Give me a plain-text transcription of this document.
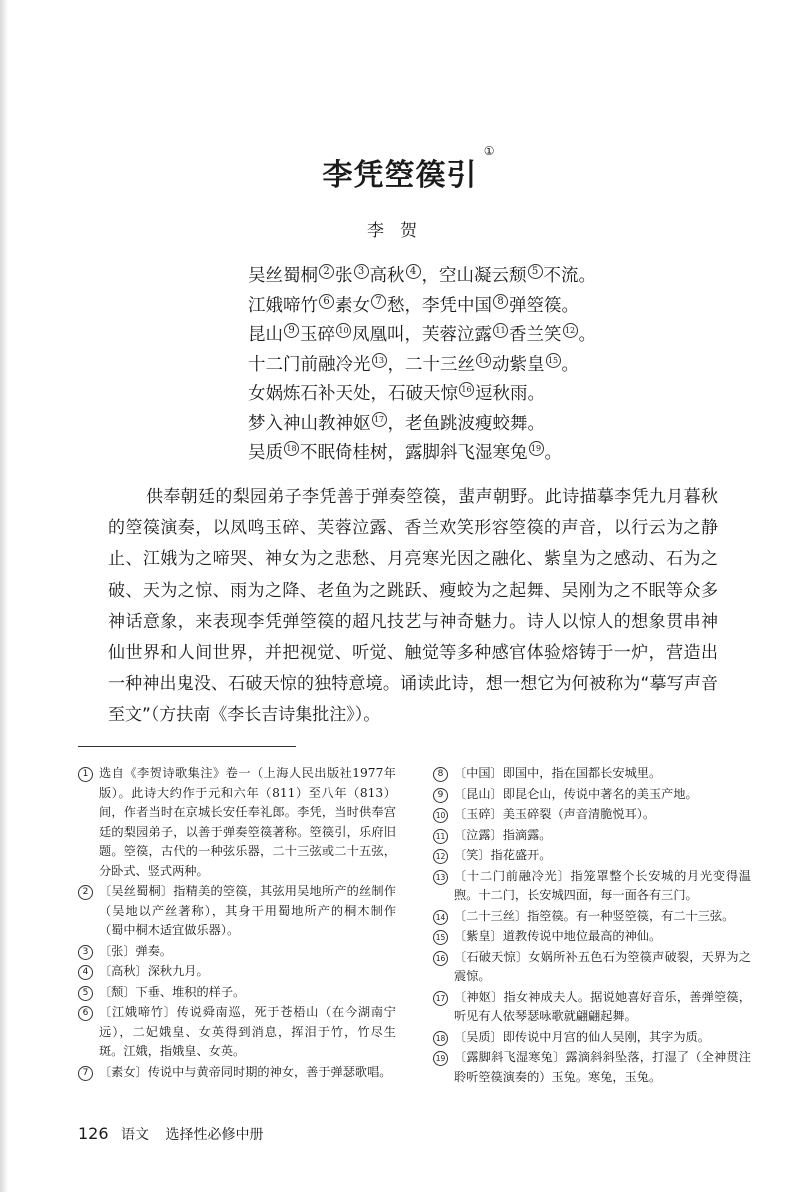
李凭箜篌引
①
李贺
吴丝蜀桐 2 张 3 高秋 4 ，空山凝云颓 5 不流。
江娥啼竹 6 素女 7 愁，李凭中国 8 弹箜篌。
昆山 9 玉碎 10 凤凰叫，芙蓉泣露 11 香兰笑 12 。
十二门前融冷光 13 ，二十三丝 14 动紫皇 15 。
女娲炼石补天处，石破天惊 16 逗秋雨。
梦入神山教神妪 17 ，老鱼跳波瘦蛟舞。
吴质 18 不眠倚桂树，露脚斜飞湿寒兔 19 。
供奉朝廷的梨园弟子李凭善于弹奏箜篌，蜚声朝野。此诗描摹李凭九月暮秋的箜篌演奏，以凤鸣玉碎、芙蓉泣露、香兰欢笑形容箜篌的声音，以行云为之静止、江娥为之啼哭、神女为之悲愁、月亮寒光因之融化、紫皇为之感动、石为之破、天为之惊、雨为之降、老鱼为之跳跃、瘦蛟为之起舞、吴刚为之不眠等众多神话意象，来表现李凭弹箜篌的超凡技艺与神奇魅力。诗人以惊人的想象贯串神仙世界和人间世界，并把视觉、听觉、触觉等多种感官体验熔铸于一炉，营造出一种神出鬼没、石破天惊的独特意境。诵读此诗，想一想它为何被称为“摹写声音至文”（方扶南《李长吉诗集批注》）。
1 选自《李贺诗歌集注》卷一（上海人民出版社1977年版）。此诗大约作于元和六年（811）至八年（813）间，作者当时在京城长安任奉礼郎。李凭，当时供奉宫廷的梨园弟子，以善于弹奏箜篌著称。箜篌引，乐府旧题。箜篌，古代的一种弦乐器，二十三弦或二十五弦，分卧式、竖式两种。
2 〔吴丝蜀桐〕指精美的箜篌，其弦用吴地所产的丝制作（吴地以产丝著称），其身干用蜀地所产的桐木制作（蜀中桐木适宜做乐器）。
3 〔张〕弹奏。
4 〔高秋〕深秋九月。
5 〔颓〕下垂、堆积的样子。
6 〔江娥啼竹〕传说舜南巡，死于苍梧山（在今湖南宁远），二妃娥皇、女英得到消息，挥泪于竹，竹尽生斑。江娥，指娥皇、女英。
7 〔素女〕传说中与黄帝同时期的神女，善于弹瑟歌唱。
8 〔中国〕即国中，指在国都长安城里。
9 〔昆山〕即昆仑山，传说中著名的美玉产地。
10 〔玉碎〕美玉碎裂（声音清脆悦耳）。
11 〔泣露〕指滴露。
12 〔笑〕指花盛开。
13 〔十二门前融冷光〕指笼罩整个长安城的月光变得温煦。十二门，长安城四面，每一面各有三门。
14 〔二十三丝〕指箜篌。有一种竖箜篌，有二十三弦。
15 〔紫皇〕道教传说中地位最高的神仙。
16 〔石破天惊〕女娲所补五色石为箜篌声破裂，天界为之震惊。
17 〔神妪〕指女神成夫人。据说她喜好音乐，善弹箜篌，听见有人依琴瑟咏歌就翩翩起舞。
18 〔吴质〕即传说中月宫的仙人吴刚，其字为质。
19 〔露脚斜飞湿寒兔〕露滴斜斜坠落，打湿了（全神贯注聆听箜篌演奏的）玉兔。寒兔，玉兔。
126 语文 选择性必修中册
